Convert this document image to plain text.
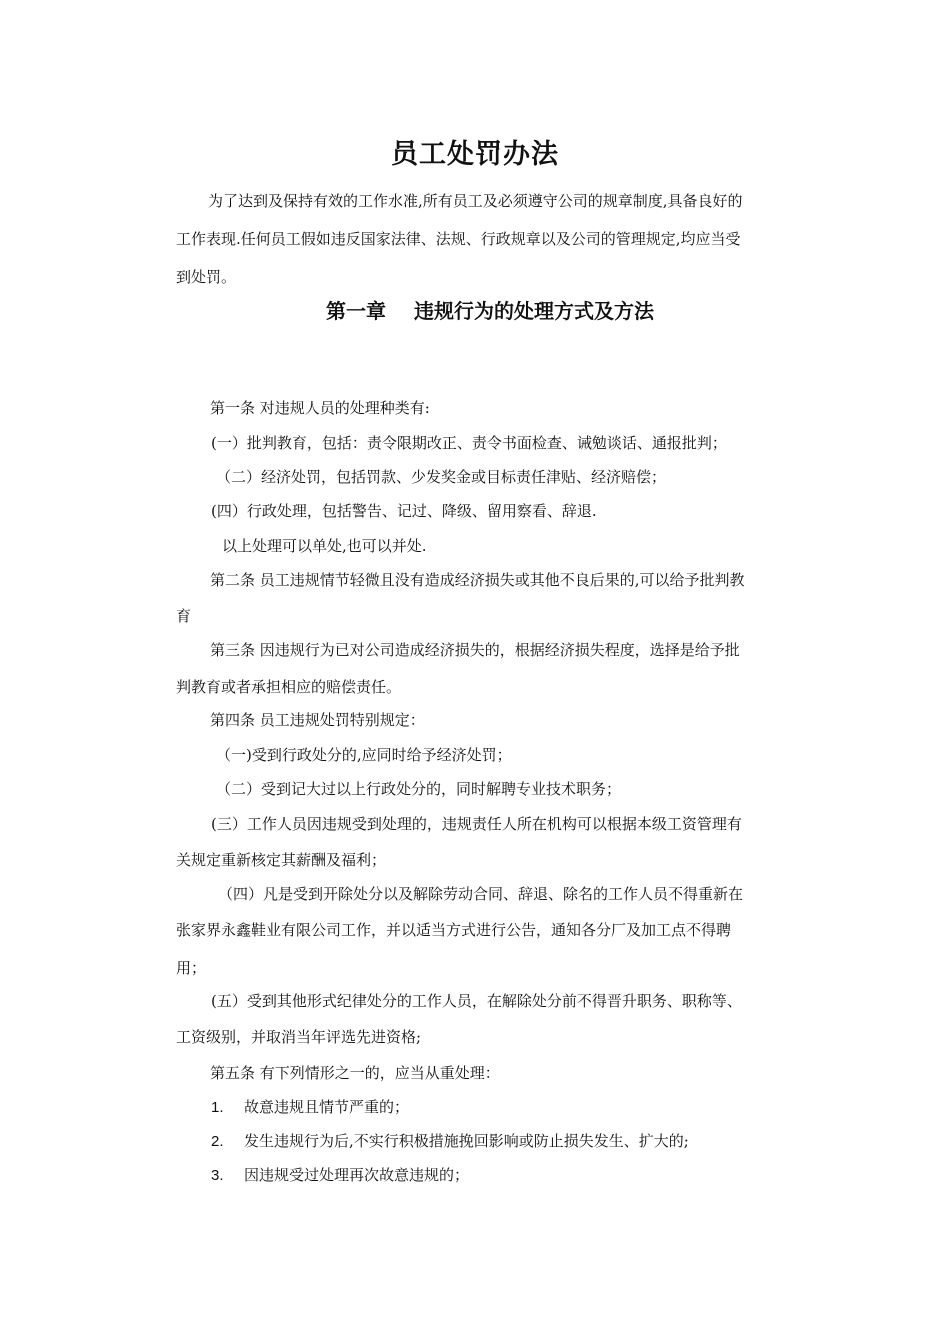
员工处罚办法
为了达到及保持有效的工作水准,所有员工及必须遵守公司的规章制度,具备良好的
工作表现.任何员工假如违反国家法律、法规、行政规章以及公司的管理规定,均应当受
到处罚。
第一章 违规行为的处理方式及方法
第一条 对违规人员的处理种类有:
(一）批判教育，包括：责令限期改正、责令书面检查、诫勉谈话、通报批判；
（二）经济处罚，包括罚款、少发奖金或目标责任津贴、经济赔偿；
(四）行政处理，包括警告、记过、降级、留用察看、辞退.
以上处理可以单处,也可以并处.
第二条 员工违规情节轻微且没有造成经济损失或其他不良后果的,可以给予批判教
育
第三条 因违规行为已对公司造成经济损失的，根据经济损失程度，选择是给予批
判教育或者承担相应的赔偿责任。
第四条 员工违规处罚特别规定：
（一)受到行政处分的,应同时给予经济处罚；
（二）受到记大过以上行政处分的，同时解聘专业技术职务；
(三）工作人员因违规受到处理的，违规责任人所在机构可以根据本级工资管理有
关规定重新核定其薪酬及福利；
（四）凡是受到开除处分以及解除劳动合同、辞退、除名的工作人员不得重新在
张家界永鑫鞋业有限公司工作，并以适当方式进行公告，通知各分厂及加工点不得聘
用；
(五）受到其他形式纪律处分的工作人员，在解除处分前不得晋升职务、职称等、
工资级别，并取消当年评选先进资格;
第五条 有下列情形之一的，应当从重处理：
1. 故意违规且情节严重的；
2. 发生违规行为后,不实行积极措施挽回影响或防止损失发生、扩大的;
3. 因违规受过处理再次故意违规的；
